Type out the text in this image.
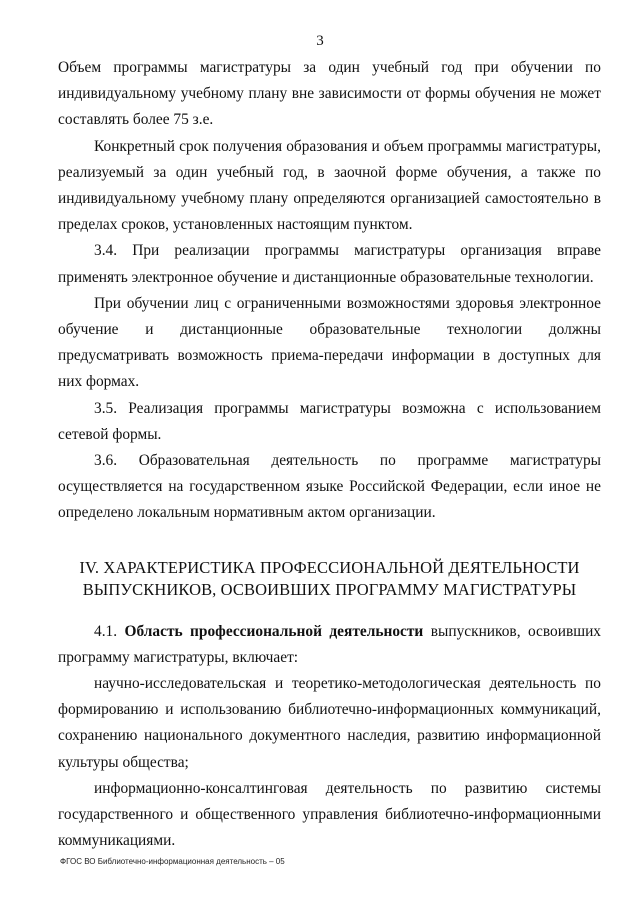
3

Объем программы магистратуры за один учебный год при обучении по индивидуальному учебному плану вне зависимости от формы обучения не может составлять более 75 з.е.

Конкретный срок получения образования и объем программы магистратуры, реализуемый за один учебный год, в заочной форме обучения, а также по индивидуальному учебному плану определяются организацией самостоятельно в пределах сроков, установленных настоящим пунктом.

3.4. При реализации программы магистратуры организация вправе применять электронное обучение и дистанционные образовательные технологии.

При обучении лиц с ограниченными возможностями здоровья электронное обучение и дистанционные образовательные технологии должны предусматривать возможность приема-передачи информации в доступных для них формах.

3.5. Реализация программы магистратуры возможна с использованием сетевой формы.

3.6. Образовательная деятельность по программе магистратуры осуществляется на государственном языке Российской Федерации, если иное не определено локальным нормативным актом организации.

IV. ХАРАКТЕРИСТИКА ПРОФЕССИОНАЛЬНОЙ ДЕЯТЕЛЬНОСТИ
ВЫПУСКНИКОВ, ОСВОИВШИХ ПРОГРАММУ МАГИСТРАТУРЫ

4.1. Область профессиональной деятельности выпускников, освоивших программу магистратуры, включает:

научно-исследовательская и теоретико-методологическая деятельность по формированию и использованию библиотечно-информационных коммуникаций, сохранению национального документного наследия, развитию информационной культуры общества;

информационно-консалтинговая деятельность по развитию системы государственного и общественного управления библиотечно-информационными коммуникациями.

ФГОС ВО Библиотечно-информационная деятельность – 05
